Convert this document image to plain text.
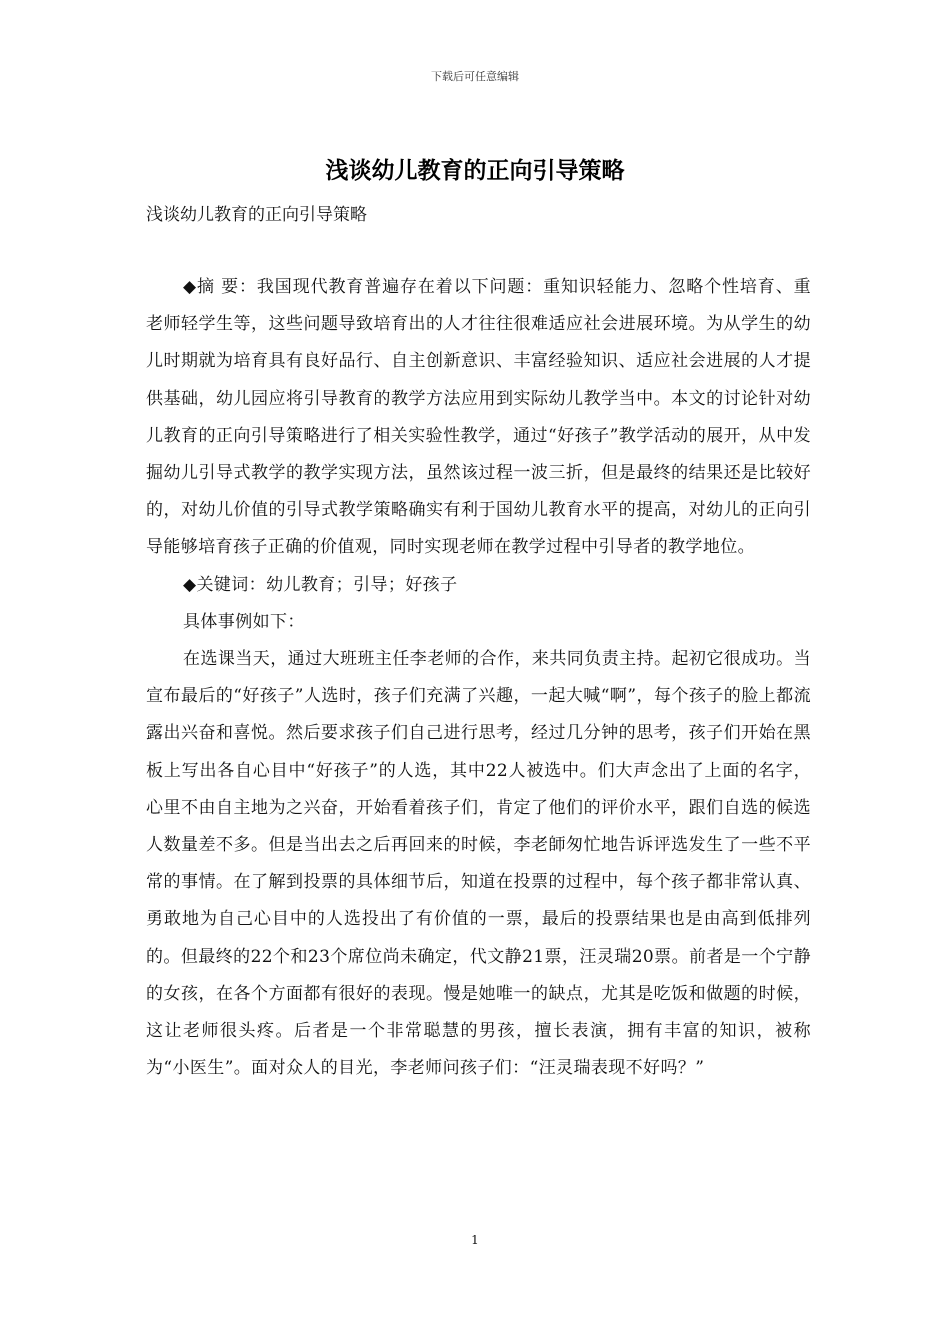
下载后可任意编辑
浅谈幼儿教育的正向引导策略
浅谈幼儿教育的正向引导策略

◆摘 要：我国现代教育普遍存在着以下问题：重知识轻能力、忽略个性培育、重老师轻学生等，这些问题导致培育出的人才往往很难适应社会进展环境。为从学生的幼儿时期就为培育具有良好品行、自主创新意识、丰富经验知识、适应社会进展的人才提供基础，幼儿园应将引导教育的教学方法应用到实际幼儿教学当中。本文的讨论针对幼儿教育的正向引导策略进行了相关实验性教学，通过“好孩子”教学活动的展开，从中发掘幼儿引导式教学的教学实现方法，虽然该过程一波三折，但是最终的结果还是比较好的，对幼儿价值的引导式教学策略确实有利于国幼儿教育水平的提高，对幼儿的正向引导能够培育孩子正确的价值观，同时实现老师在教学过程中引导者的教学地位。

◆关键词：幼儿教育；引导；好孩子

具体事例如下：

在选课当天，通过大班班主任李老师的合作，来共同负责主持。起初它很成功。当宣布最后的“好孩子”人选时，孩子们充满了兴趣，一起大喊“啊”，每个孩子的脸上都流露出兴奋和喜悦。然后要求孩子们自己进行思考，经过几分钟的思考，孩子们开始在黑板上写出各自心目中“好孩子”的人选，其中22人被选中。们大声念出了上面的名字，心里不由自主地为之兴奋，开始看着孩子们，肯定了他们的评价水平，跟们自选的候选人数量差不多。但是当出去之后再回来的时候，李老師匆忙地告诉评选发生了一些不平常的事情。在了解到投票的具体细节后，知道在投票的过程中，每个孩子都非常认真、勇敢地为自己心目中的人选投出了有价值的一票，最后的投票结果也是由高到低排列的。但最终的22个和23个席位尚未确定，代文静21票，汪灵瑞20票。前者是一个宁静的女孩，在各个方面都有很好的表现。慢是她唯一的缺点，尤其是吃饭和做题的时候，这让老师很头疼。后者是一个非常聪慧的男孩，擅长表演，拥有丰富的知识，被称为“小医生”。面对众人的目光，李老师问孩子们：“汪灵瑞表现不好吗？”

1
